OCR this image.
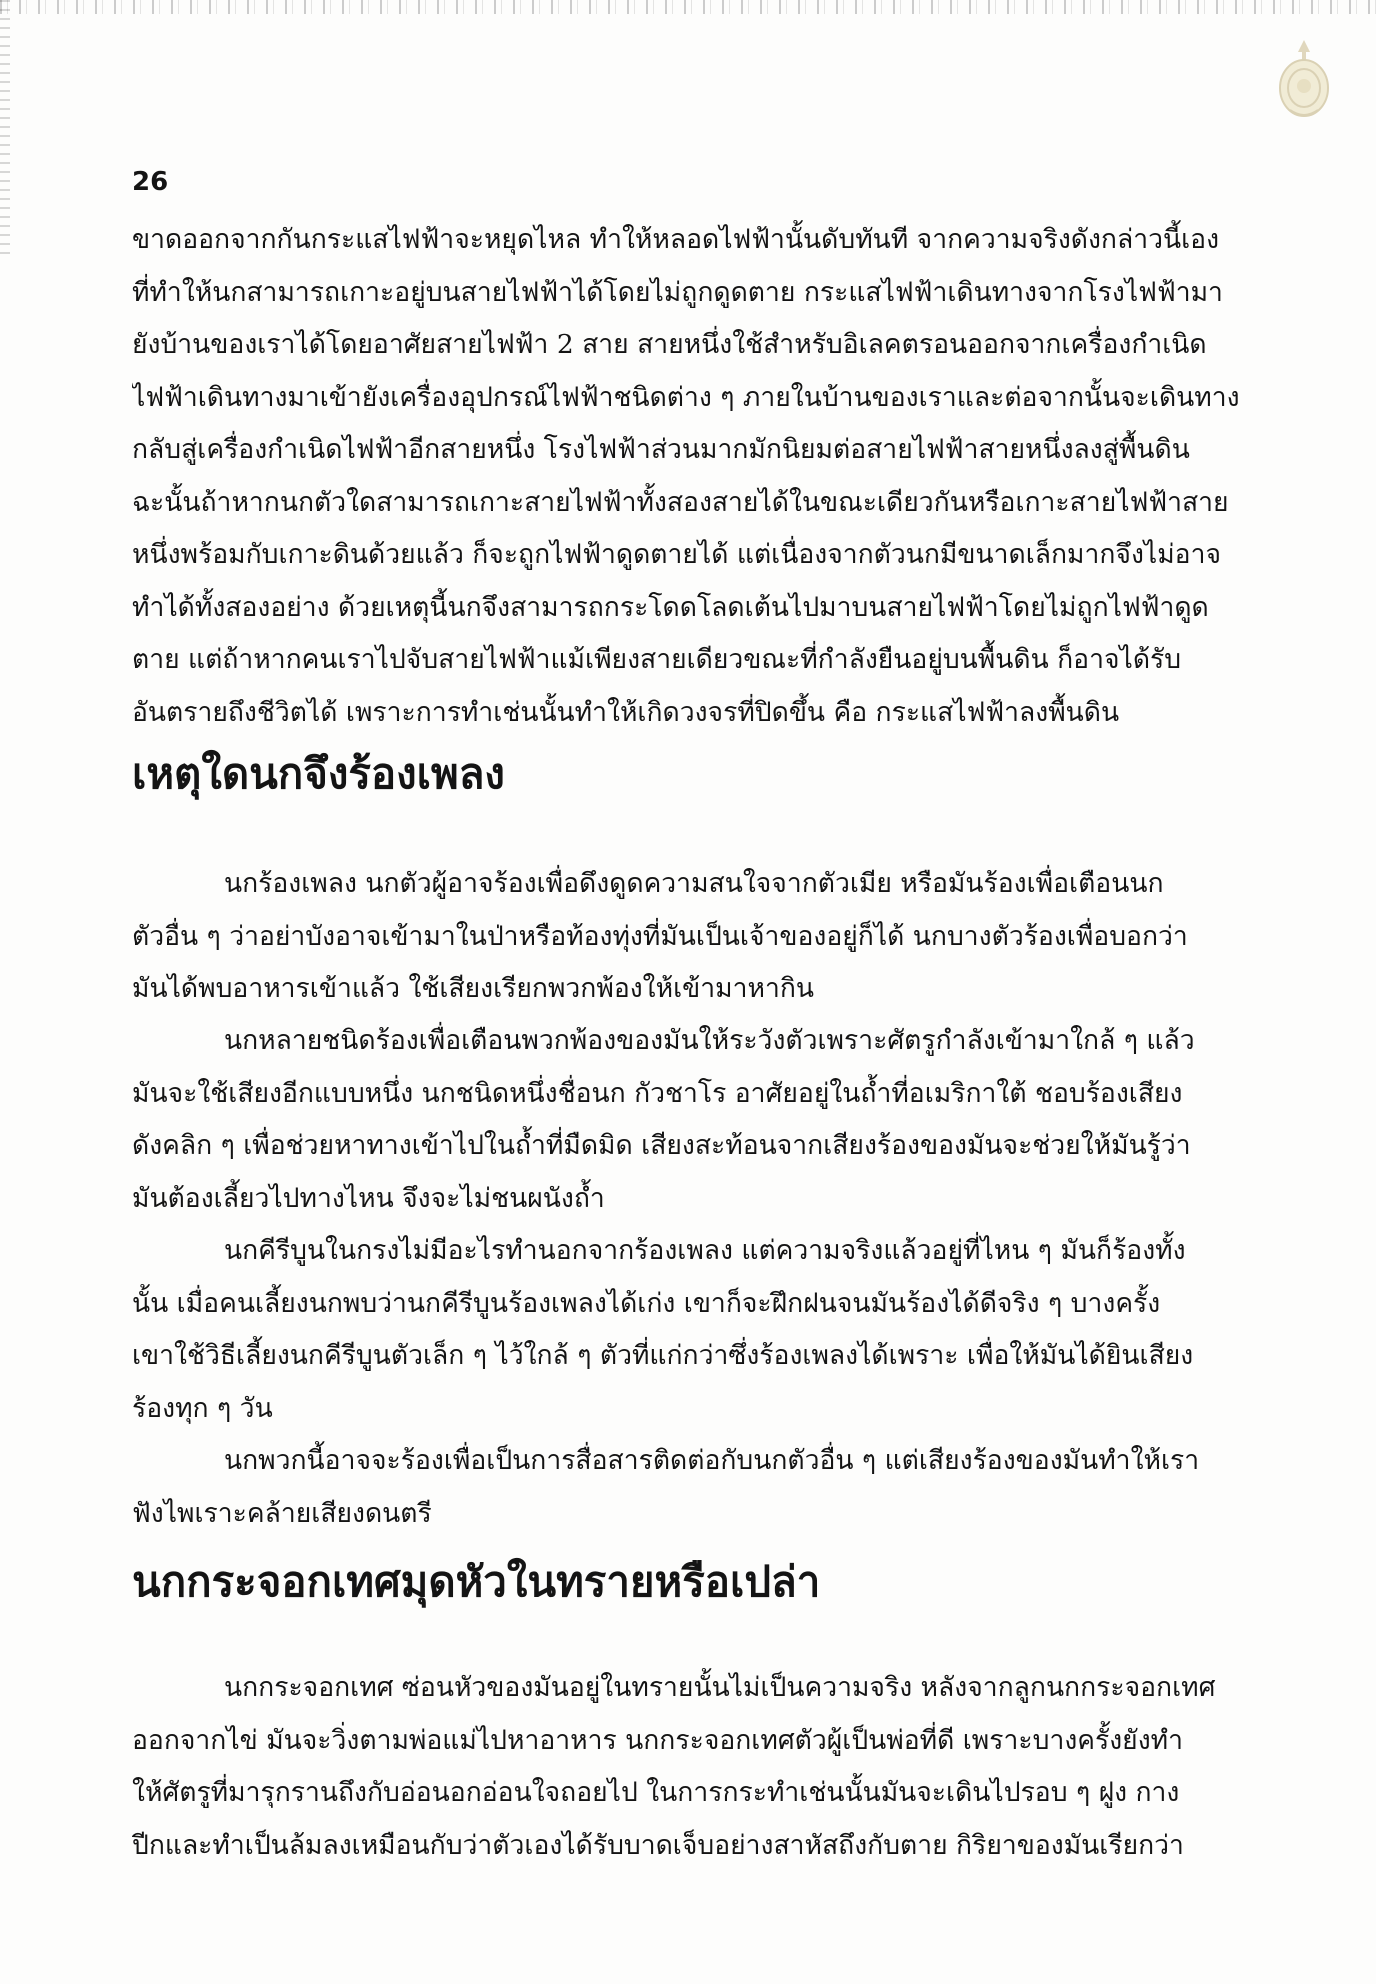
26

ขาดออกจากกันกระแสไฟฟ้าจะหยุดไหล ทำให้หลอดไฟฟ้านั้นดับทันที จากความจริงดังกล่าวนี้เอง
ที่ทำให้นกสามารถเกาะอยู่บนสายไฟฟ้าได้โดยไม่ถูกดูดตาย กระแสไฟฟ้าเดินทางจากโรงไฟฟ้ามา
ยังบ้านของเราได้โดยอาศัยสายไฟฟ้า 2 สาย สายหนึ่งใช้สำหรับอิเลคตรอนออกจากเครื่องกำเนิด
ไฟฟ้าเดินทางมาเข้ายังเครื่องอุปกรณ์ไฟฟ้าชนิดต่าง ๆ ภายในบ้านของเราและต่อจากนั้นจะเดินทาง
กลับสู่เครื่องกำเนิดไฟฟ้าอีกสายหนึ่ง โรงไฟฟ้าส่วนมากมักนิยมต่อสายไฟฟ้าสายหนึ่งลงสู่พื้นดิน
ฉะนั้นถ้าหากนกตัวใดสามารถเกาะสายไฟฟ้าทั้งสองสายได้ในขณะเดียวกันหรือเกาะสายไฟฟ้าสาย
หนึ่งพร้อมกับเกาะดินด้วยแล้ว ก็จะถูกไฟฟ้าดูดตายได้ แต่เนื่องจากตัวนกมีขนาดเล็กมากจึงไม่อาจ
ทำได้ทั้งสองอย่าง ด้วยเหตุนี้นกจึงสามารถกระโดดโลดเต้นไปมาบนสายไฟฟ้าโดยไม่ถูกไฟฟ้าดูด
ตาย แต่ถ้าหากคนเราไปจับสายไฟฟ้าแม้เพียงสายเดียวขณะที่กำลังยืนอยู่บนพื้นดิน ก็อาจได้รับ
อันตรายถึงชีวิตได้ เพราะการทำเช่นนั้นทำให้เกิดวงจรที่ปิดขึ้น คือ กระแสไฟฟ้าลงพื้นดิน

เหตุใดนกจึงร้องเพลง

นกร้องเพลง นกตัวผู้อาจร้องเพื่อดึงดูดความสนใจจากตัวเมีย หรือมันร้องเพื่อเตือนนก
ตัวอื่น ๆ ว่าอย่าบังอาจเข้ามาในป่าหรือท้องทุ่งที่มันเป็นเจ้าของอยู่ก็ได้ นกบางตัวร้องเพื่อบอกว่า
มันได้พบอาหารเข้าแล้ว ใช้เสียงเรียกพวกพ้องให้เข้ามาหากิน

นกหลายชนิดร้องเพื่อเตือนพวกพ้องของมันให้ระวังตัวเพราะศัตรูกำลังเข้ามาใกล้ ๆ แล้ว
มันจะใช้เสียงอีกแบบหนึ่ง นกชนิดหนึ่งชื่อนก กัวชาโร อาศัยอยู่ในถ้ำที่อเมริกาใต้ ชอบร้องเสียง
ดังคลิก ๆ เพื่อช่วยหาทางเข้าไปในถ้ำที่มืดมิด เสียงสะท้อนจากเสียงร้องของมันจะช่วยให้มันรู้ว่า
มันต้องเลี้ยวไปทางไหน จึงจะไม่ชนผนังถ้ำ

นกคีรีบูนในกรงไม่มีอะไรทำนอกจากร้องเพลง แต่ความจริงแล้วอยู่ที่ไหน ๆ มันก็ร้องทั้ง
นั้น เมื่อคนเลี้ยงนกพบว่านกคีรีบูนร้องเพลงได้เก่ง เขาก็จะฝึกฝนจนมันร้องได้ดีจริง ๆ บางครั้ง
เขาใช้วิธีเลี้ยงนกคีรีบูนตัวเล็ก ๆ ไว้ใกล้ ๆ ตัวที่แก่กว่าซึ่งร้องเพลงได้เพราะ เพื่อให้มันได้ยินเสียง
ร้องทุก ๆ วัน

นกพวกนี้อาจจะร้องเพื่อเป็นการสื่อสารติดต่อกับนกตัวอื่น ๆ แต่เสียงร้องของมันทำให้เรา
ฟังไพเราะคล้ายเสียงดนตรี

นกกระจอกเทศมุดหัวในทรายหรือเปล่า

นกกระจอกเทศ ซ่อนหัวของมันอยู่ในทรายนั้นไม่เป็นความจริง หลังจากลูกนกกระจอกเทศ
ออกจากไข่ มันจะวิ่งตามพ่อแม่ไปหาอาหาร นกกระจอกเทศตัวผู้เป็นพ่อที่ดี เพราะบางครั้งยังทำ
ให้ศัตรูที่มารุกรานถึงกับอ่อนอกอ่อนใจถอยไป ในการกระทำเช่นนั้นมันจะเดินไปรอบ ๆ ฝูง กาง
ปีกและทำเป็นล้มลงเหมือนกับว่าตัวเองได้รับบาดเจ็บอย่างสาหัสถึงกับตาย กิริยาของมันเรียกว่า
